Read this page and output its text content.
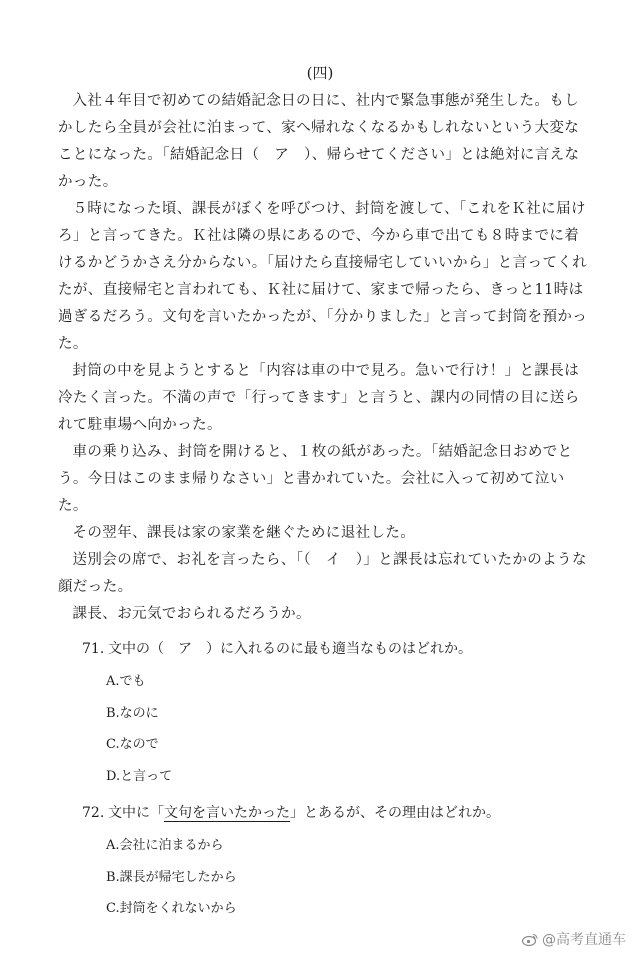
(四)

入社４年目で初めての結婚記念日の日に、社内で緊急事態が発生した。もしかしたら全員が会社に泊まって、家へ帰れなくなるかもしれないという大変なことになった。「結婚記念日（　ア　）、帰らせてください」とは絶対に言えなかった。

５時になった頃、課長がぼくを呼びつけ、封筒を渡して、「これをＫ社に届けろ」と言ってきた。Ｋ社は隣の県にあるので、今から車で出ても８時までに着けるかどうかさえ分からない。「届けたら直接帰宅していいから」と言ってくれたが、直接帰宅と言われても、Ｋ社に届けて、家まで帰ったら、きっと11時は過ぎるだろう。文句を言いたかったが、「分かりました」と言って封筒を預かった。

封筒の中を見ようとすると「内容は車の中で見ろ。急いで行け！」と課長は冷たく言った。不満の声で「行ってきます」と言うと、課内の同情の目に送られて駐車場へ向かった。

車の乗り込み、封筒を開けると、１枚の紙があった。「結婚記念日おめでとう。今日はこのまま帰りなさい」と書かれていた。会社に入って初めて泣いた。

その翌年、課長は家の家業を継ぐために退社した。

送別会の席で、お礼を言ったら、「（　イ　）」と課長は忘れていたかのような顔だった。

課長、お元気でおられるだろうか。

71. 文中の（　ア　）に入れるのに最も適当なものはどれか。
A.でも
B.なのに
C.なので
D.と言って
72. 文中に「文句を言いたかった」とあるが、その理由はどれか。
A.会社に泊まるから
B.課長が帰宅したから
C.封筒をくれないから
@高考直通车
